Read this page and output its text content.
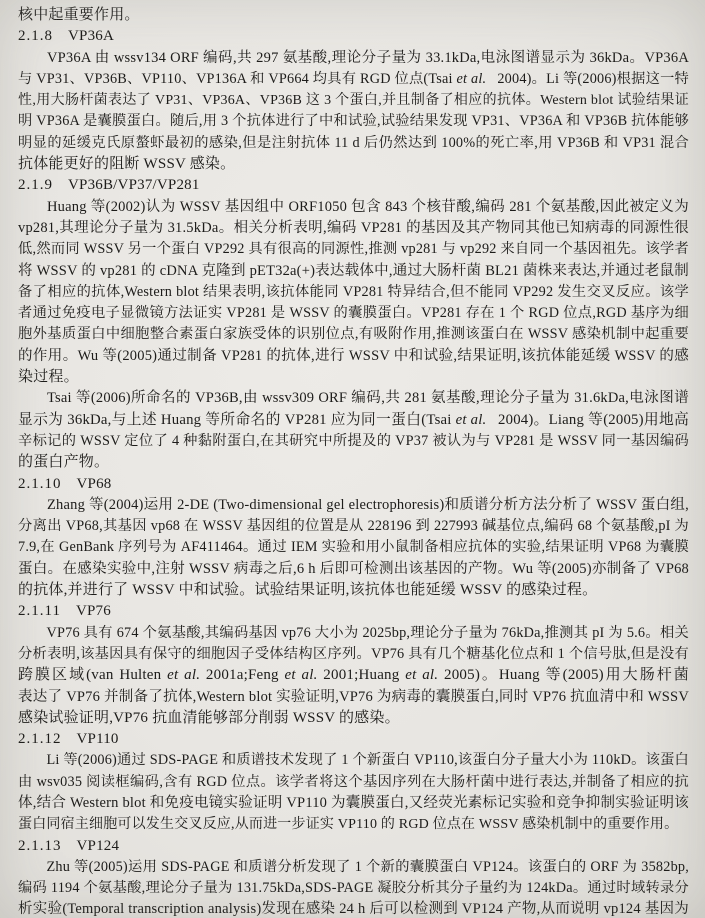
核中起重要作用。
2.1.8 VP36A
VP36A 由 wssv134 ORF 编码,共 297 氨基酸,理论分子量为 33.1kDa,电泳图谱显示为 36kDa。VP36A
与 VP31、VP36B、VP110、VP136A 和 VP664 均具有 RGD 位点(Tsai et al.  2004)。Li 等(2006)根据这一特
性,用大肠杆菌表达了 VP31、VP36A、VP36B 这 3 个蛋白,并且制备了相应的抗体。Western blot 试验结果证
明 VP36A 是囊膜蛋白。随后,用 3 个抗体进行了中和试验,试验结果发现 VP31、VP36A 和 VP36B 抗体能够
明显的延缓克氏原螯虾最初的感染,但是注射抗体 11 d 后仍然达到 100%的死亡率,用 VP36B 和 VP31 混合
抗体能更好的阻断 WSSV 感染。
2.1.9 VP36B/VP37/VP281
Huang 等(2002)认为 WSSV 基因组中 ORF1050 包含 843 个核苷酸,编码 281 个氨基酸,因此被定义为
vp281,其理论分子量为 31.5kDa。相关分析表明,编码 VP281 的基因及其产物同其他已知病毒的同源性很
低,然而同 WSSV 另一个蛋白 VP292 具有很高的同源性,推测 vp281 与 vp292 来自同一个基因祖先。该学者
将 WSSV 的 vp281 的 cDNA 克隆到 pET32a(+)表达载体中,通过大肠杆菌 BL21 菌株来表达,并通过老鼠制
备了相应的抗体,Western blot 结果表明,该抗体能同 VP281 特异结合,但不能同 VP292 发生交叉反应。该学
者通过免疫电子显微镜方法证实 VP281 是 WSSV 的囊膜蛋白。VP281 存在 1 个 RGD 位点,RGD 基序为细
胞外基质蛋白中细胞整合素蛋白家族受体的识别位点,有吸附作用,推测该蛋白在 WSSV 感染机制中起重要
的作用。Wu 等(2005)通过制备 VP281 的抗体,进行 WSSV 中和试验,结果证明,该抗体能延缓 WSSV 的感
染过程。
Tsai 等(2006)所命名的 VP36B,由 wssv309 ORF 编码,共 281 氨基酸,理论分子量为 31.6kDa,电泳图谱
显示为 36kDa,与上述 Huang 等所命名的 VP281 应为同一蛋白(Tsai et al.  2004)。Liang 等(2005)用地高
辛标记的 WSSV 定位了 4 种黏附蛋白,在其研究中所提及的 VP37 被认为与 VP281 是 WSSV 同一基因编码
的蛋白产物。
2.1.10 VP68
Zhang 等(2004)运用 2-DE (Two-dimensional gel electrophoresis)和质谱分析方法分析了 WSSV 蛋白组,
分离出 VP68,其基因 vp68 在 WSSV 基因组的位置是从 228196 到 227993 碱基位点,编码 68 个氨基酸,pI 为
7.9,在 GenBank 序列号为 AF411464。通过 IEM 实验和用小鼠制备相应抗体的实验,结果证明 VP68 为囊膜
蛋白。在感染实验中,注射 WSSV 病毒之后,6 h 后即可检测出该基因的产物。Wu 等(2005)亦制备了 VP68
的抗体,并进行了 WSSV 中和试验。试验结果证明,该抗体也能延缓 WSSV 的感染过程。
2.1.11 VP76
VP76 具有 674 个氨基酸,其编码基因 vp76 大小为 2025bp,理论分子量为 76kDa,推测其 pI 为 5.6。相关
分析表明,该基因具有保守的细胞因子受体结构区序列。VP76 具有几个糖基化位点和 1 个信号肽,但是没有
跨膜区域(van Hulten et al. 2001a;Feng et al. 2001;Huang et al. 2005)。Huang 等(2005)用大肠杆菌
表达了 VP76 并制备了抗体,Western blot 实验证明,VP76 为病毒的囊膜蛋白,同时 VP76 抗血清中和 WSSV
感染试验证明,VP76 抗血清能够部分削弱 WSSV 的感染。
2.1.12 VP110
Li 等(2006)通过 SDS-PAGE 和质谱技术发现了 1 个新蛋白 VP110,该蛋白分子量大小为 110kD。该蛋白
由 wsv035 阅读框编码,含有 RGD 位点。该学者将这个基因序列在大肠杆菌中进行表达,并制备了相应的抗
体,结合 Western blot 和免疫电镜实验证明 VP110 为囊膜蛋白,又经荧光素标记实验和竞争抑制实验证明该
蛋白同宿主细胞可以发生交叉反应,从而进一步证实 VP110 的 RGD 位点在 WSSV 感染机制中的重要作用。
2.1.13 VP124
Zhu 等(2005)运用 SDS-PAGE 和质谱分析发现了 1 个新的囊膜蛋白 VP124。该蛋白的 ORF 为 3582bp,
编码 1194 个氨基酸,理论分子量为 131.75kDa,SDS-PAGE 凝胶分析其分子量约为 124kDa。通过时域转录分
析实验(Temporal transcription analysis)发现在感染 24 h 后可以检测到 VP124 产物,从而说明 vp124 基因为
